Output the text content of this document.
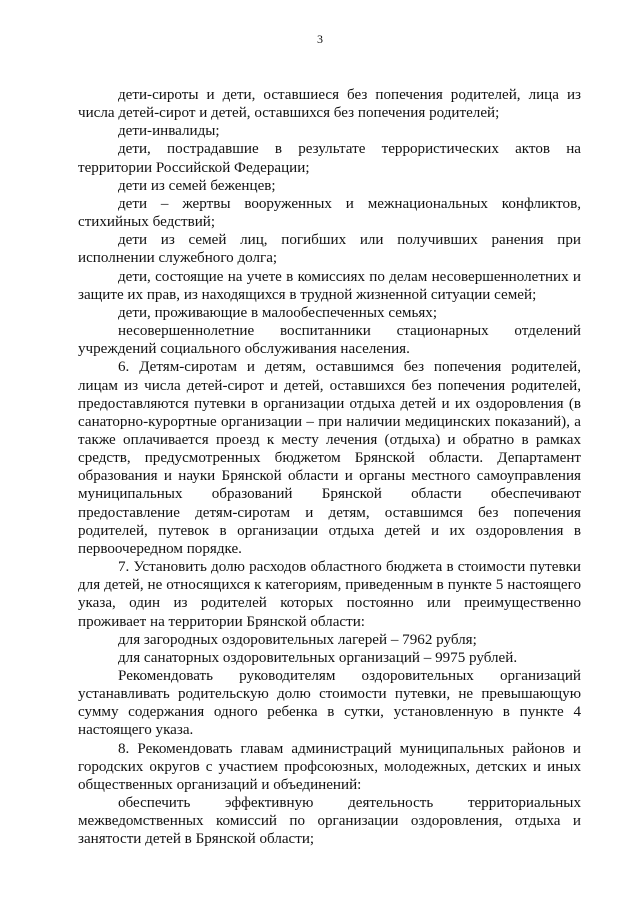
3

дети-сироты и дети, оставшиеся без попечения родителей, лица из числа детей-сирот и детей, оставшихся без попечения родителей;

дети-инвалиды;

дети, пострадавшие в результате террористических актов на территории Российской Федерации;

дети из семей беженцев;

дети – жертвы вооруженных и межнациональных конфликтов, стихийных бедствий;

дети из семей лиц, погибших или получивших ранения при исполнении служебного долга;

дети, состоящие на учете в комиссиях по делам несовершеннолетних и защите их прав, из находящихся в трудной жизненной ситуации семей;

дети, проживающие в малообеспеченных семьях;

несовершеннолетние воспитанники стационарных отделений учреждений социального обслуживания населения.

6. Детям-сиротам и детям, оставшимся без попечения родителей, лицам из числа детей-сирот и детей, оставшихся без попечения родителей, предоставляются путевки в организации отдыха детей и их оздоровления (в санаторно-курортные организации – при наличии медицинских показаний), а также оплачивается проезд к месту лечения (отдыха) и обратно в рамках средств, предусмотренных бюджетом Брянской области. Департамент образования и науки Брянской области и органы местного самоуправления муниципальных образований Брянской области обеспечивают предоставление детям-сиротам и детям, оставшимся без попечения родителей, путевок в организации отдыха детей и их оздоровления в первоочередном порядке.

7. Установить долю расходов областного бюджета в стоимости путевки для детей, не относящихся к категориям, приведенным в пункте 5 настоящего указа, один из родителей которых постоянно или преимущественно проживает на территории Брянской области:

для загородных оздоровительных лагерей – 7962 рубля;

для санаторных оздоровительных организаций – 9975 рублей.

Рекомендовать руководителям оздоровительных организаций устанавливать родительскую долю стоимости путевки, не превышающую сумму содержания одного ребенка в сутки, установленную в пункте 4 настоящего указа.

8. Рекомендовать главам администраций муниципальных районов и городских округов с участием профсоюзных, молодежных, детских и иных общественных организаций и объединений:

обеспечить эффективную деятельность территориальных межведомственных комиссий по организации оздоровления, отдыха и занятости детей в Брянской области;
